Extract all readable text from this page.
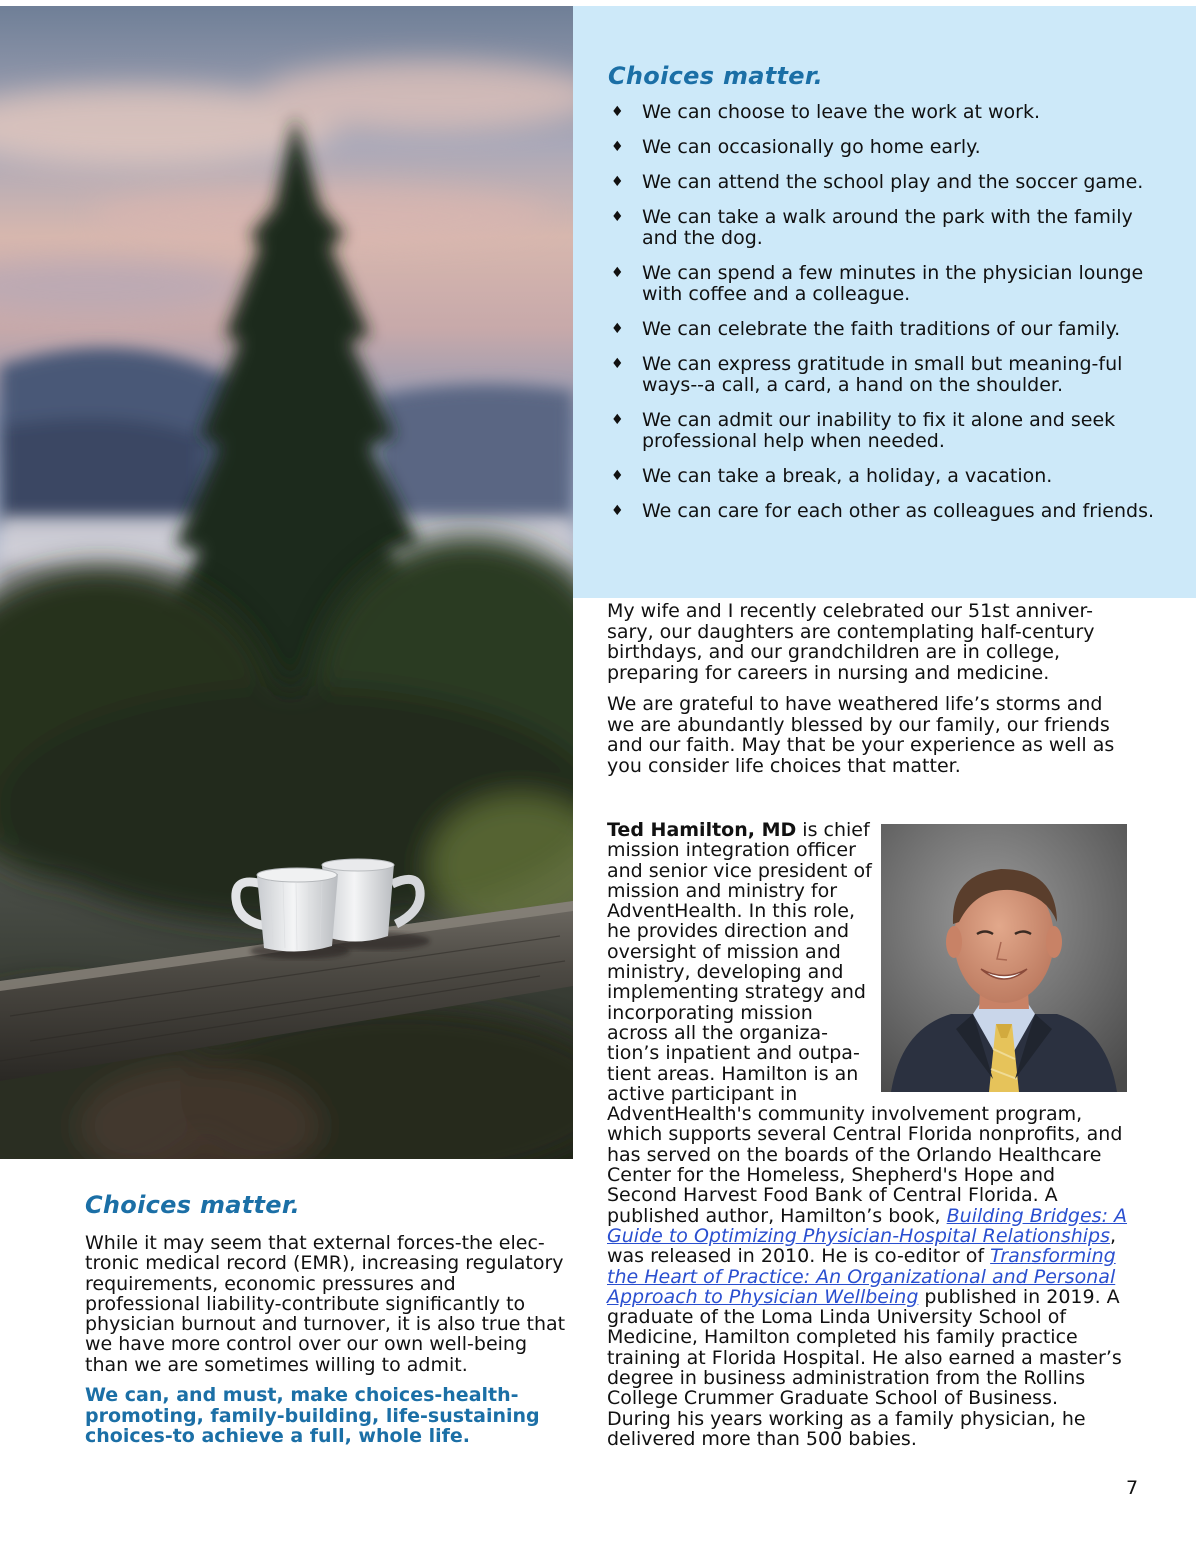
Choices matter.
♦ We can choose to leave the work at work.
♦ We can occasionally go home early.
♦ We can attend the school play and the soccer game.
♦ We can take a walk around the park with the family and the dog.
♦ We can spend a few minutes in the physician lounge with coffee and a colleague.
♦ We can celebrate the faith traditions of our family.
♦ We can express gratitude in small but meaning-ful ways--a call, a card, a hand on the shoulder.
♦ We can admit our inability to fix it alone and seek professional help when needed.
♦ We can take a break, a holiday, a vacation.
♦ We can care for each other as colleagues and friends.

My wife and I recently celebrated our 51st anniver-sary, our daughters are contemplating half-century birthdays, and our grandchildren are in college, preparing for careers in nursing and medicine.

We are grateful to have weathered life’s storms and we are abundantly blessed by our family, our friends and our faith. May that be your experience as well as you consider life choices that matter.

Ted Hamilton, MD is chief mission integration officer and senior vice president of mission and ministry for AdventHealth. In this role, he provides direction and oversight of mission and ministry, developing and implementing strategy and incorporating mission across all the organiza-tion’s inpatient and outpa-tient areas. Hamilton is an active participant in AdventHealth's community involvement program, which supports several Central Florida nonprofits, and has served on the boards of the Orlando Healthcare Center for the Homeless, Shepherd's Hope and Second Harvest Food Bank of Central Florida. A published author, Hamilton’s book, Building Bridges: A Guide to Optimizing Physician-Hospital Relationships, was released in 2010. He is co-editor of Transforming the Heart of Practice: An Organizational and Personal Approach to Physician Wellbeing published in 2019. A graduate of the Loma Linda University School of Medicine, Hamilton completed his family practice training at Florida Hospital. He also earned a master’s degree in business administration from the Rollins College Crummer Graduate School of Business. During his years working as a family physician, he delivered more than 500 babies.
Choices matter.

While it may seem that external forces-the elec-tronic medical record (EMR), increasing regulatory requirements, economic pressures and professional liability-contribute significantly to physician burnout and turnover, it is also true that we have more control over our own well-being than we are sometimes willing to admit.

We can, and must, make choices-health-promoting, family-building, life-sustaining choices-to achieve a full, whole life.

7
